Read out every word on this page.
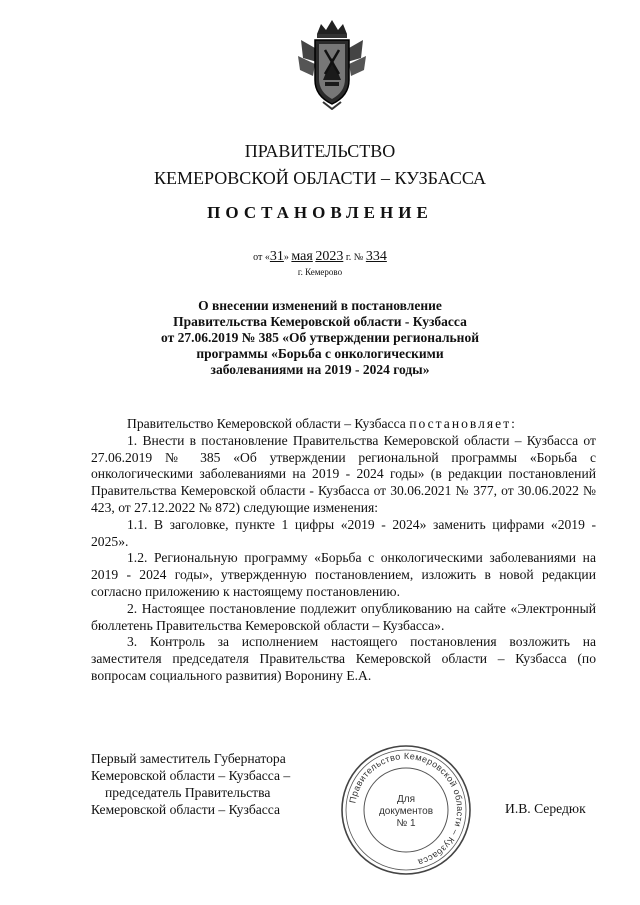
ПРАВИТЕЛЬСТВО
КЕМЕРОВСКОЙ ОБЛАСТИ – КУЗБАССА
ПОСТАНОВЛЕНИЕ
от «31» мая 2023 г. № 334
г. Кемерово
О внесении изменений в постановление
Правительства Кемеровской области - Кузбасса
от 27.06.2019 № 385 «Об утверждении региональной
программы «Борьба с онкологическими
заболеваниями на 2019 - 2024 годы»

Правительство Кемеровской области – Кузбасса постановляет:

1. Внести в постановление Правительства Кемеровской области – Кузбасса от 27.06.2019 № 385 «Об утверждении региональной программы «Борьба с онкологическими заболеваниями на 2019 - 2024 годы» (в редакции постановлений Правительства Кемеровской области - Кузбасса от 30.06.2021 № 377, от 30.06.2022 № 423, от 27.12.2022 № 872) следующие изменения:

1.1. В заголовке, пункте 1 цифры «2019 - 2024» заменить цифрами «2019 - 2025».

1.2. Региональную программу «Борьба с онкологическими заболеваниями на 2019 - 2024 годы», утвержденную постановлением, изложить в новой редакции согласно приложению к настоящему постановлению.

2. Настоящее постановление подлежит опубликованию на сайте «Электронный бюллетень Правительства Кемеровской области – Кузбасса».

3. Контроль за исполнением настоящего постановления возложить на заместителя председателя Правительства Кемеровской области – Кузбасса (по вопросам социального развития) Воронину Е.А.

Первый заместитель Губернатора
Кемеровской области – Кузбасса –
председатель Правительства
Кемеровской области – Кузбасса
Правительство Кемеровской области – Кузбасса
Для
документов
№ 1
И.В. Середюк
